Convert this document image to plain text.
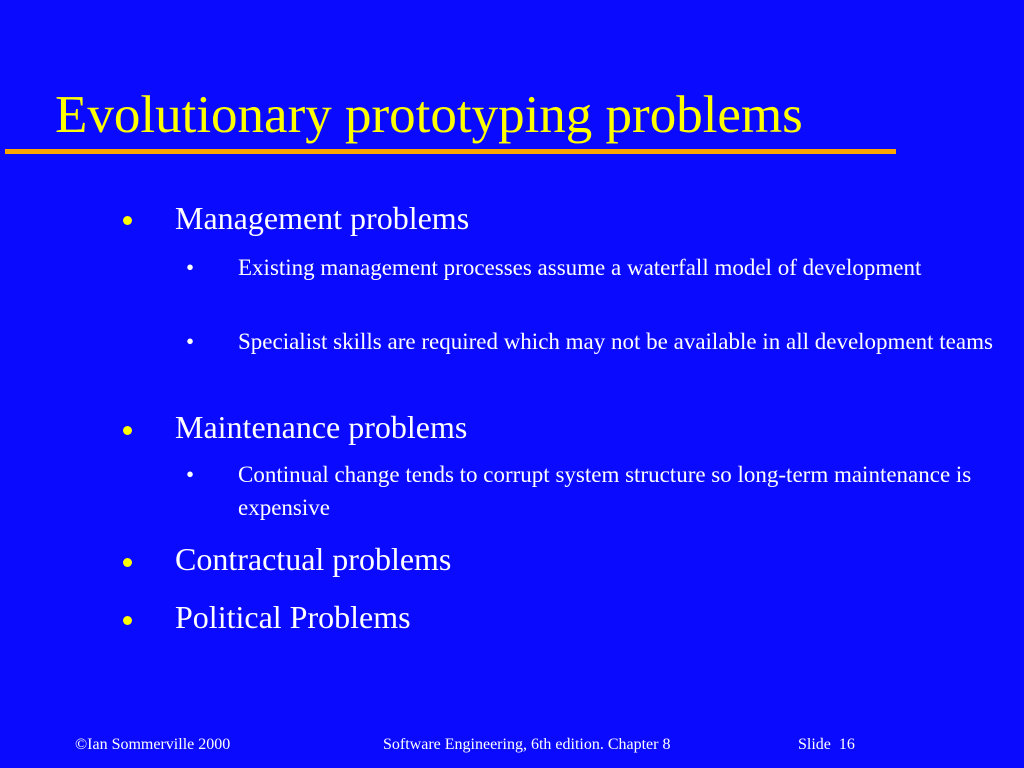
Evolutionary prototyping problems
Management problems
• Existing management processes assume a waterfall model of development
• Specialist skills are required which may not be available in all development teams
Maintenance problems
• Continual change tends to corrupt system structure so long-term maintenance is expensive
Contractual problems
Political Problems
©Ian Sommerville 2000	Software Engineering, 6th edition. Chapter 8	Slide  16
